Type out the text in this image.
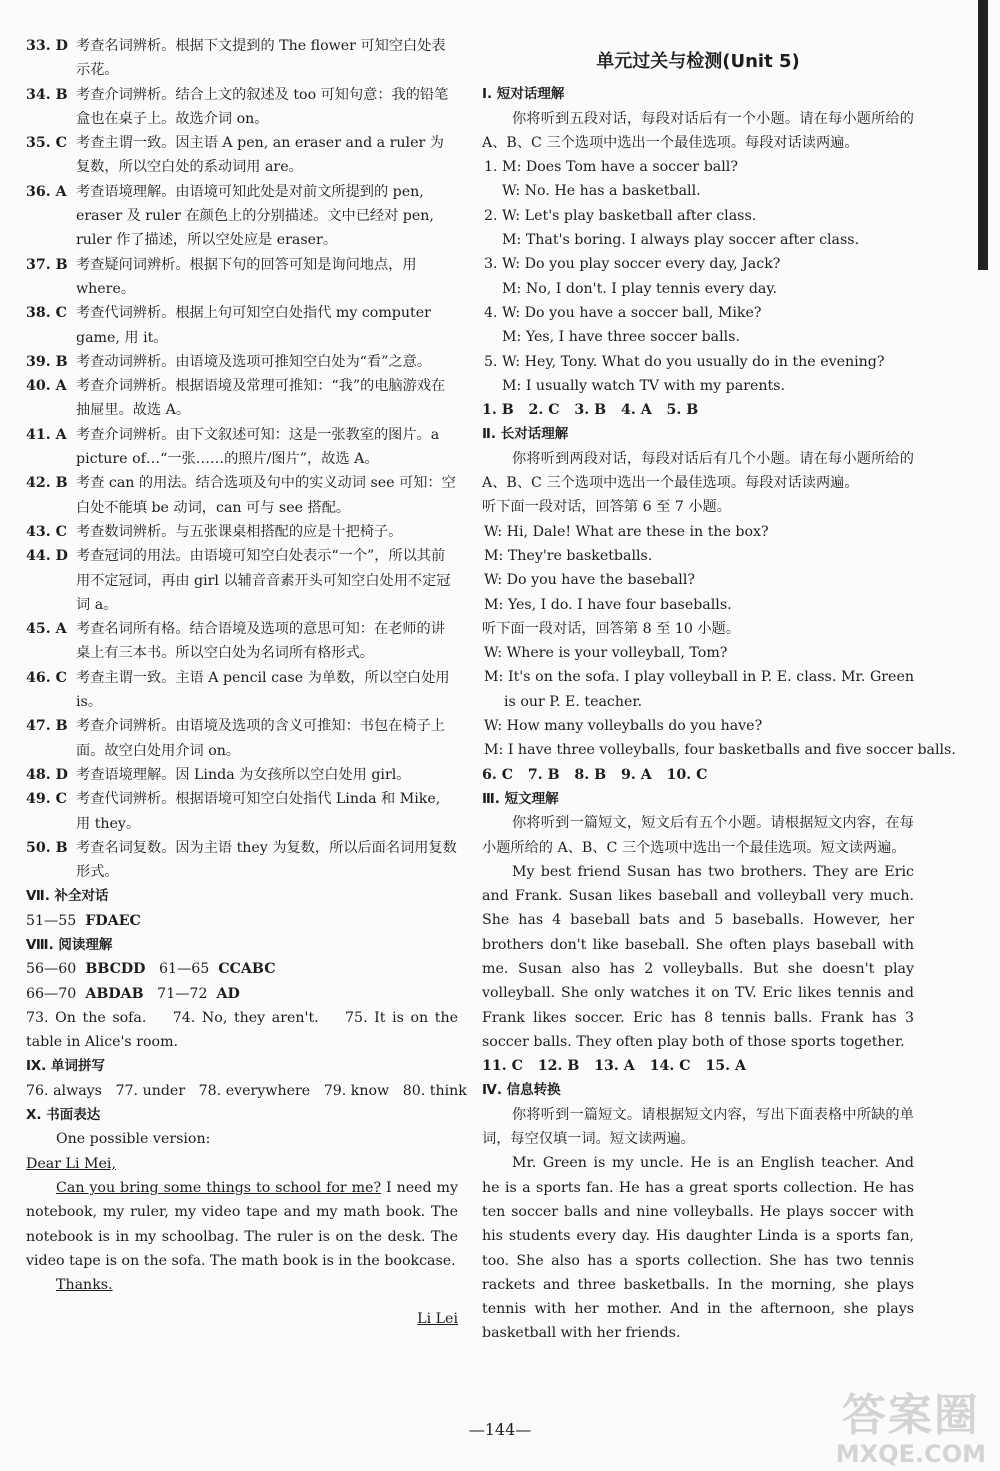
33. D 考查名词辨析。根据下文提到的 The flower 可知空白处表示花。
34. B 考查介词辨析。结合上文的叙述及 too 可知句意：我的铅笔盒也在桌子上。故选介词 on。
35. C 考查主谓一致。因主语 A pen, an eraser and a ruler 为复数，所以空白处的系动词用 are。
36. A 考查语境理解。由语境可知此处是对前文所提到的 pen, eraser 及 ruler 在颜色上的分别描述。文中已经对 pen, ruler 作了描述，所以空处应是 eraser。
37. B 考查疑问词辨析。根据下句的回答可知是询问地点，用 where。
38. C 考查代词辨析。根据上句可知空白处指代 my computer game, 用 it。
39. B 考查动词辨析。由语境及选项可推知空白处为“看”之意。
40. A 考查介词辨析。根据语境及常理可推知：“我”的电脑游戏在抽屉里。故选 A。
41. A 考查介词辨析。由下文叙述可知：这是一张教室的图片。a picture of…“一张……的照片/图片”，故选 A。
42. B 考查 can 的用法。结合选项及句中的实义动词 see 可知：空白处不能填 be 动词，can 可与 see 搭配。
43. C 考查数词辨析。与五张课桌相搭配的应是十把椅子。
44. D 考查冠词的用法。由语境可知空白处表示“一个”，所以其前用不定冠词，再由 girl 以辅音音素开头可知空白处用不定冠词 a。
45. A 考查名词所有格。结合语境及选项的意思可知：在老师的讲桌上有三本书。所以空白处为名词所有格形式。
46. C 考查主谓一致。主语 A pencil case 为单数，所以空白处用 is。
47. B 考查介词辨析。由语境及选项的含义可推知：书包在椅子上面。故空白处用介词 on。
48. D 考查语境理解。因 Linda 为女孩所以空白处用 girl。
49. C 考查代词辨析。根据语境可知空白处指代 Linda 和 Mike, 用 they。
50. B 考查名词复数。因为主语 they 为复数，所以后面名词用复数形式。
Ⅶ. 补全对话
51—55 FDAEC
Ⅷ. 阅读理解
56—60 BBCDD 61—65 CCABC
66—70 ABDAB 71—72 AD
73. On the sofa. 74. No, they aren't. 75. It is on the table in Alice's room.
Ⅸ. 单词拼写
76. always   77. under   78. everywhere   79. know   80. think
Ⅹ. 书面表达
One possible version:
Dear Li Mei,
Can you bring some things to school for me? I need my notebook, my ruler, my video tape and my math book. The notebook is in my schoolbag. The ruler is on the desk. The video tape is on the sofa. The math book is in the bookcase.
Thanks.
Li Lei
单元过关与检测(Unit 5)
Ⅰ. 短对话理解
你将听到五段对话，每段对话后有一个小题。请在每小题所给的 A、B、C 三个选项中选出一个最佳选项。每段对话读两遍。
1. M: Does Tom have a soccer ball?
W: No. He has a basketball.
2. W: Let's play basketball after class.
M: That's boring. I always play soccer after class.
3. W: Do you play soccer every day, Jack?
M: No, I don't. I play tennis every day.
4. W: Do you have a soccer ball, Mike?
M: Yes, I have three soccer balls.
5. W: Hey, Tony. What do you usually do in the evening?
M: I usually watch TV with my parents.
1. B   2. C   3. B   4. A   5. B
Ⅱ. 长对话理解
你将听到两段对话，每段对话后有几个小题。请在每小题所给的 A、B、C 三个选项中选出一个最佳选项。每段对话读两遍。
听下面一段对话，回答第 6 至 7 小题。
W: Hi, Dale! What are these in the box?
M: They're basketballs.
W: Do you have the baseball?
M: Yes, I do. I have four baseballs.
听下面一段对话，回答第 8 至 10 小题。
W: Where is your volleyball, Tom?
M: It's on the sofa. I play volleyball in P. E. class. Mr. Green is our P. E. teacher.
W: How many volleyballs do you have?
M: I have three volleyballs, four basketballs and five soccer balls.
6. C   7. B   8. B   9. A   10. C
Ⅲ. 短文理解
你将听到一篇短文，短文后有五个小题。请根据短文内容，在每小题所给的 A、B、C 三个选项中选出一个最佳选项。短文读两遍。
My best friend Susan has two brothers. They are Eric and Frank. Susan likes baseball and volleyball very much. She has 4 baseball bats and 5 baseballs. However, her brothers don't like baseball. She often plays baseball with me. Susan also has 2 volleyballs. But she doesn't play volleyball. She only watches it on TV. Eric likes tennis and Frank likes soccer. Eric has 8 tennis balls. Frank has 3 soccer balls. They often play both of those sports together.
11. C   12. B   13. A   14. C   15. A
Ⅳ. 信息转换
你将听到一篇短文。请根据短文内容，写出下面表格中所缺的单词，每空仅填一词。短文读两遍。
Mr. Green is my uncle. He is an English teacher. And he is a sports fan. He has a great sports collection. He has ten soccer balls and nine volleyballs. He plays soccer with his students every day. His daughter Linda is a sports fan, too. She also has a sports collection. She has two tennis rackets and three basketballs. In the morning, she plays tennis with her mother. And in the afternoon, she plays basketball with her friends.
—144—	答案圈
MXQE.COM
